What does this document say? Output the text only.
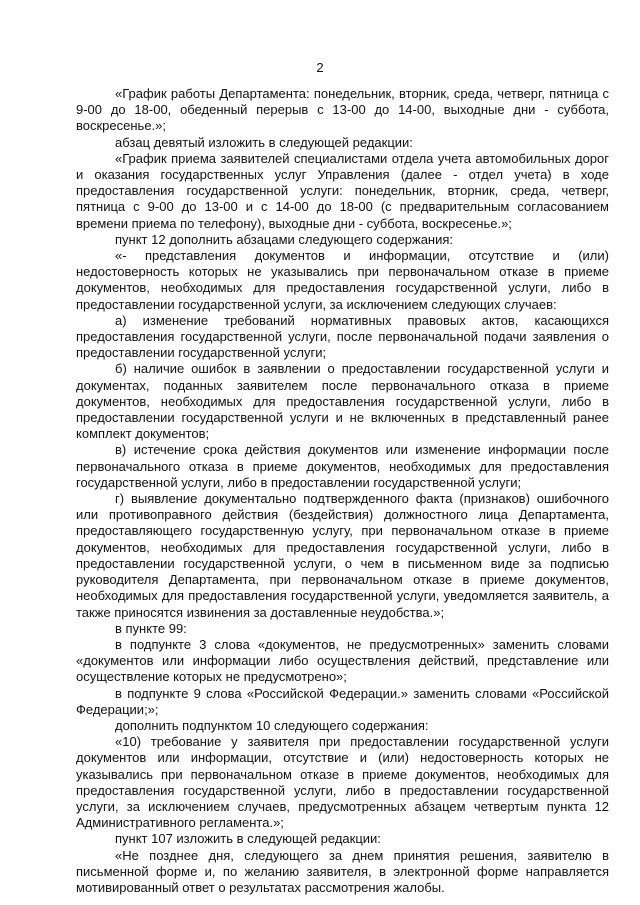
2

«График работы Департамента: понедельник, вторник, среда, четверг, пятница с 9-00 до 18-00, обеденный перерыв с 13-00 до 14-00, выходные дни - суббота, воскресенье.»;

абзац девятый изложить в следующей редакции:

«График приема заявителей специалистами отдела учета автомобильных дорог и оказания государственных услуг Управления (далее - отдел учета) в ходе предоставления государственной услуги: понедельник, вторник, среда, четверг, пятница с 9-00 до 13-00 и с 14-00 до 18-00 (с предварительным согласованием времени приема по телефону), выходные дни - суббота, воскресенье.»;

пункт 12 дополнить абзацами следующего содержания:

«- представления документов и информации, отсутствие и (или) недостоверность которых не указывались при первоначальном отказе в приеме документов, необходимых для предоставления государственной услуги, либо в предоставлении государственной услуги, за исключением следующих случаев:

а) изменение требований нормативных правовых актов, касающихся предоставления государственной услуги, после первоначальной подачи заявления о предоставлении государственной услуги;

б) наличие ошибок в заявлении о предоставлении государственной услуги и документах, поданных заявителем после первоначального отказа в приеме документов, необходимых для предоставления государственной услуги, либо в предоставлении государственной услуги и не включенных в представленный ранее комплект документов;

в) истечение срока действия документов или изменение информации после первоначального отказа в приеме документов, необходимых для предоставления государственной услуги, либо в предоставлении государственной услуги;

г) выявление документально подтвержденного факта (признаков) ошибочного или противоправного действия (бездействия) должностного лица Департамента, предоставляющего государственную услугу, при первоначальном отказе в приеме документов, необходимых для предоставления государственной услуги, либо в предоставлении государственной услуги, о чем в письменном виде за подписью руководителя Департамента, при первоначальном отказе в приеме документов, необходимых для предоставления государственной услуги, уведомляется заявитель, а также приносятся извинения за доставленные неудобства.»;

в пункте 99:

в подпункте 3 слова «документов, не предусмотренных» заменить словами «документов или информации либо осуществления действий, представление или осуществление которых не предусмотрено»;

в подпункте 9 слова «Российской Федерации.» заменить словами «Российской Федерации;»;

дополнить подпунктом 10 следующего содержания:

«10) требование у заявителя при предоставлении государственной услуги документов или информации, отсутствие и (или) недостоверность которых не указывались при первоначальном отказе в приеме документов, необходимых для предоставления государственной услуги, либо в предоставлении государственной услуги, за исключением случаев, предусмотренных абзацем четвертым пункта 12 Административного регламента.»;

пункт 107 изложить в следующей редакции:

«Не позднее дня, следующего за днем принятия решения, заявителю в письменной форме и, по желанию заявителя, в электронной форме направляется мотивированный ответ о результатах рассмотрения жалобы.
